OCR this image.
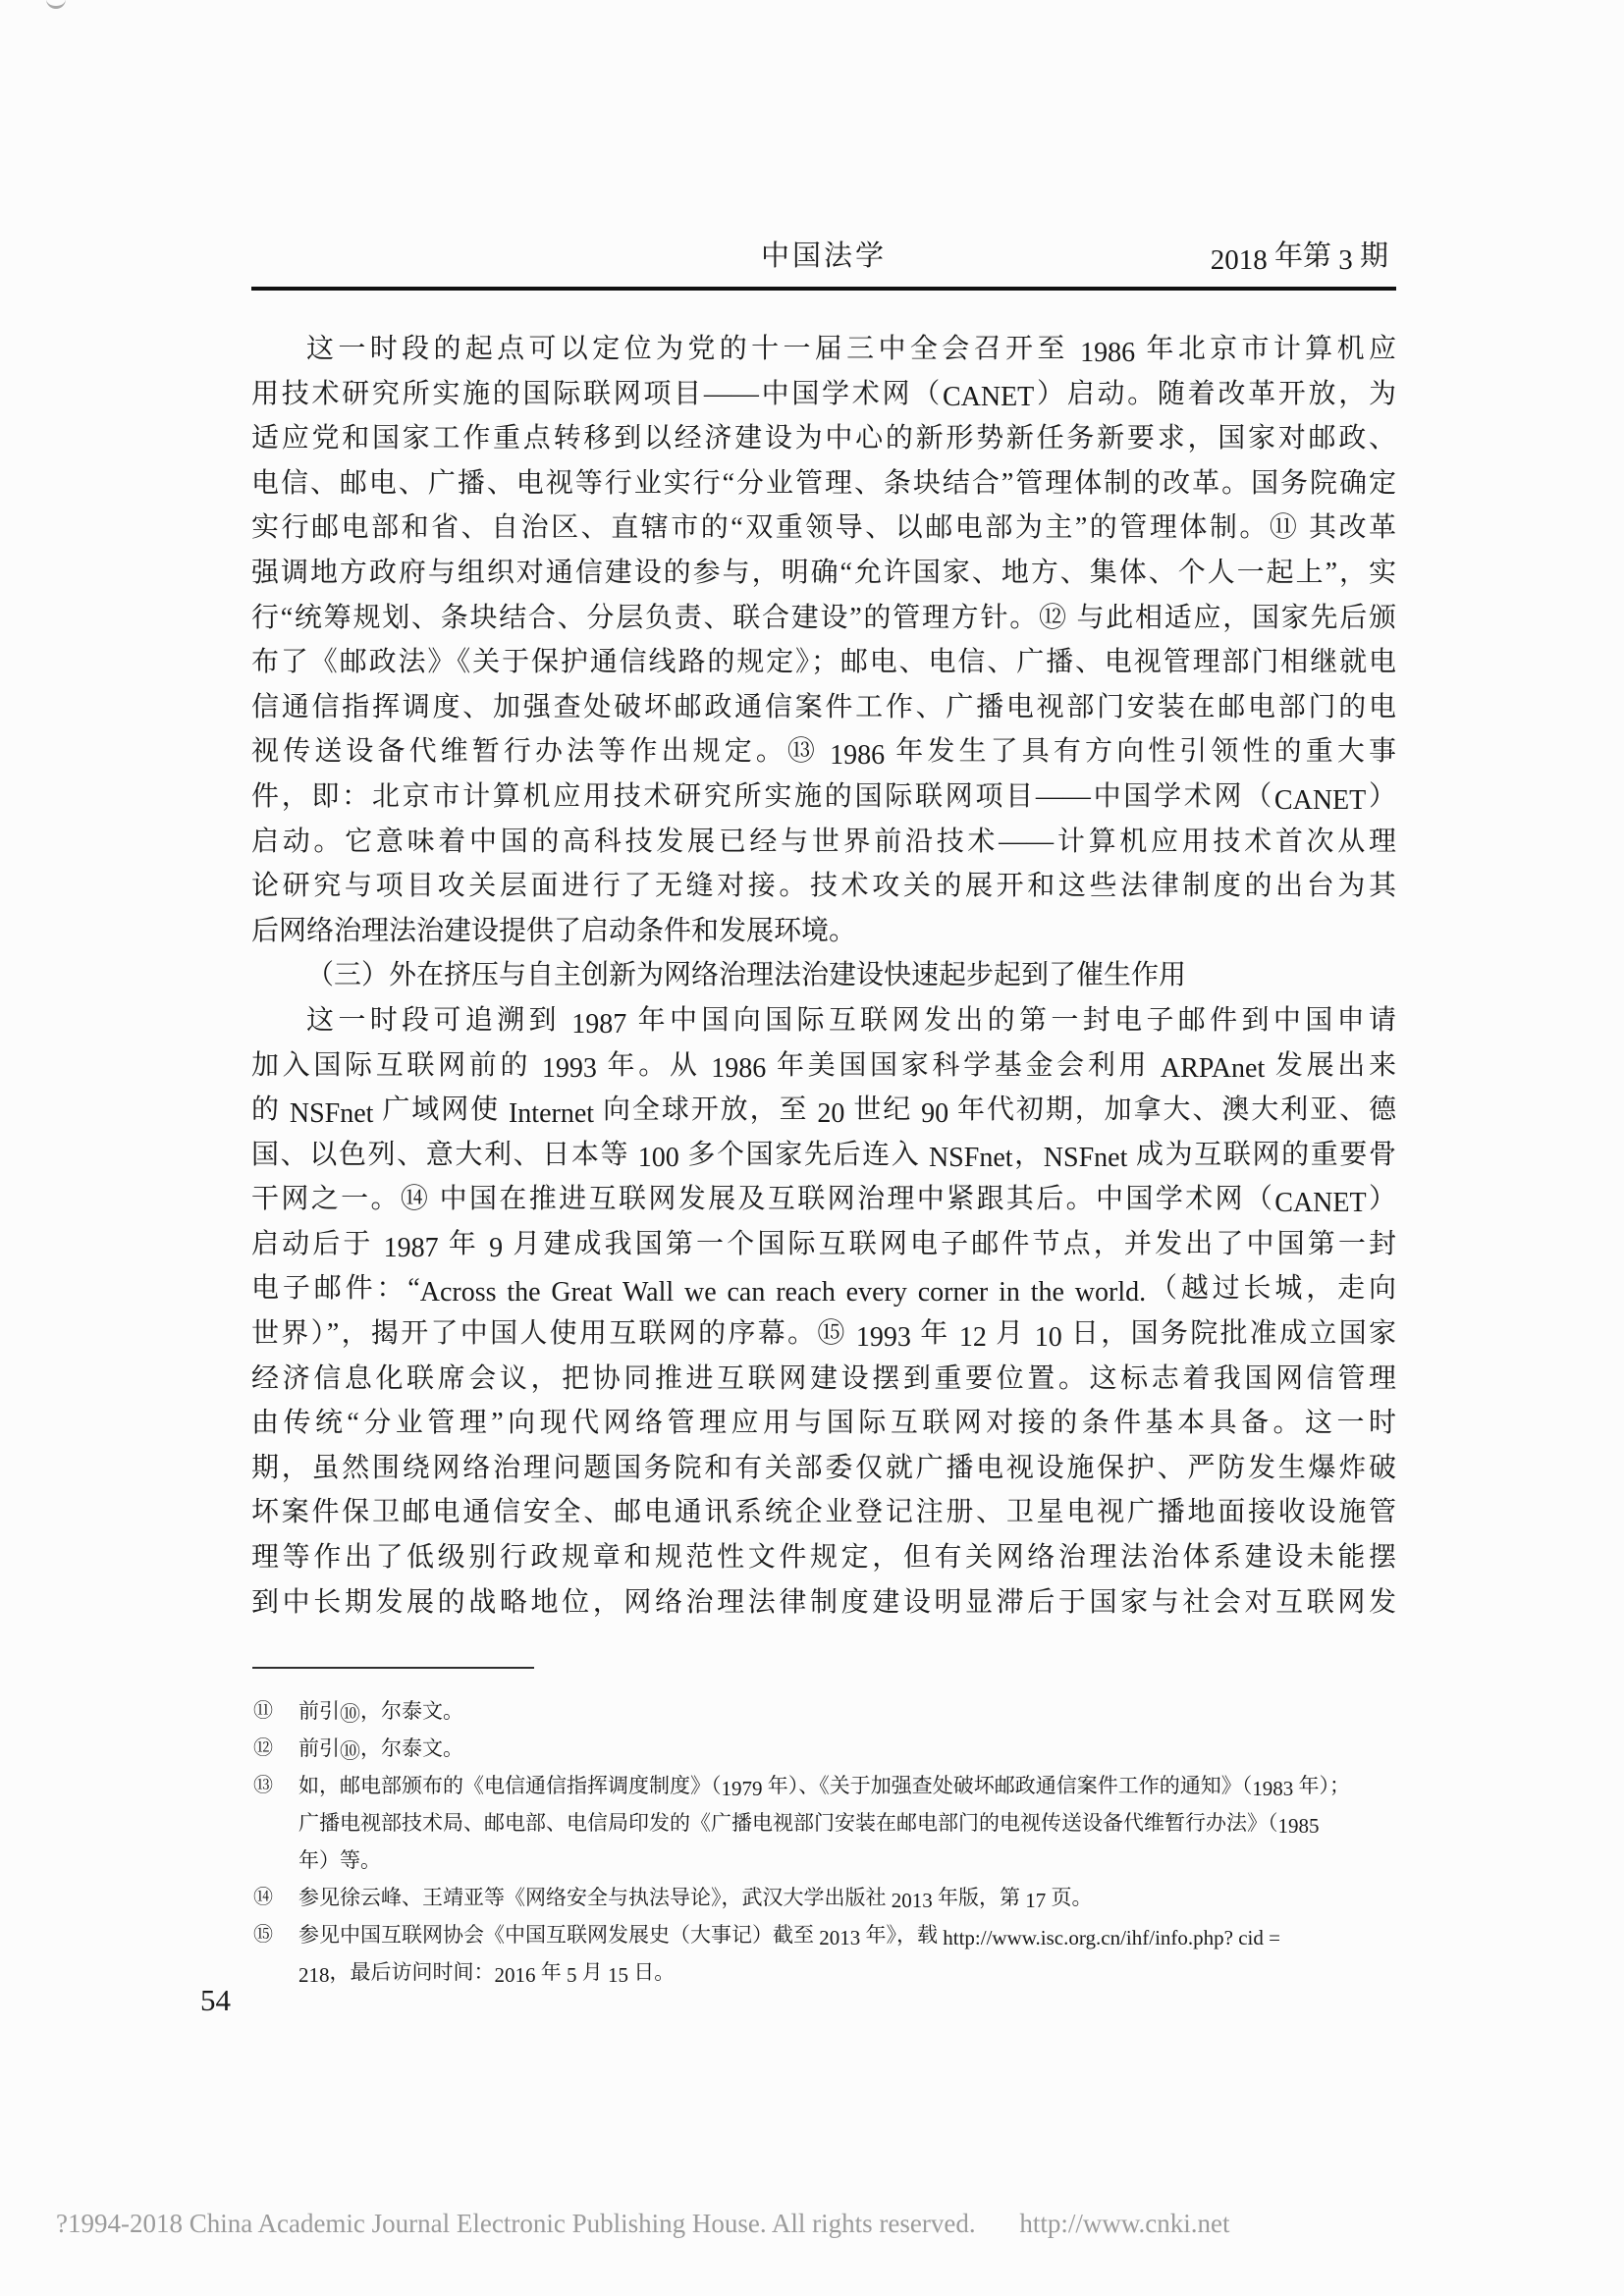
中国法学	2018 年第 3 期
这一时段的起点可以定位为党的十一届三中全会召开至 1986 年北京市计算机应
用技术研究所实施的国际联网项目——中国学术网（CANET）启动。随着改革开放，为
适应党和国家工作重点转移到以经济建设为中心的新形势新任务新要求，国家对邮政、
电信、邮电、广播、电视等行业实行“分业管理、条块结合”管理体制的改革。国务院确定
实行邮电部和省、自治区、直辖市的“双重领导、以邮电部为主”的管理体制。⑪ 其改革
强调地方政府与组织对通信建设的参与，明确“允许国家、地方、集体、个人一起上”，实
行“统筹规划、条块结合、分层负责、联合建设”的管理方针。⑫ 与此相适应，国家先后颁
布了《邮政法》《关于保护通信线路的规定》；邮电、电信、广播、电视管理部门相继就电
信通信指挥调度、加强查处破坏邮政通信案件工作、广播电视部门安装在邮电部门的电
视传送设备代维暂行办法等作出规定。⑬ 1986 年发生了具有方向性引领性的重大事
件，即：北京市计算机应用技术研究所实施的国际联网项目——中国学术网（CANET）
启动。它意味着中国的高科技发展已经与世界前沿技术——计算机应用技术首次从理
论研究与项目攻关层面进行了无缝对接。技术攻关的展开和这些法律制度的出台为其
后网络治理法治建设提供了启动条件和发展环境。
（三）外在挤压与自主创新为网络治理法治建设快速起步起到了催生作用
这一时段可追溯到 1987 年中国向国际互联网发出的第一封电子邮件到中国申请
加入国际互联网前的 1993 年。从 1986 年美国国家科学基金会利用 ARPAnet 发展出来
的 NSFnet 广域网使 Internet 向全球开放，至 20 世纪 90 年代初期，加拿大、澳大利亚、德
国、以色列、意大利、日本等 100 多个国家先后连入 NSFnet，NSFnet 成为互联网的重要骨
干网之一。⑭ 中国在推进互联网发展及互联网治理中紧跟其后。中国学术网（CANET）
启动后于 1987 年 9 月建成我国第一个国际互联网电子邮件节点，并发出了中国第一封
电子邮件：“Across the Great Wall we can reach every corner in the world.（越过长城，走向
世界）”，揭开了中国人使用互联网的序幕。⑮ 1993 年 12 月 10 日，国务院批准成立国家
经济信息化联席会议，把协同推进互联网建设摆到重要位置。这标志着我国网信管理
由传统“分业管理”向现代网络管理应用与国际互联网对接的条件基本具备。这一时
期，虽然围绕网络治理问题国务院和有关部委仅就广播电视设施保护、严防发生爆炸破
坏案件保卫邮电通信安全、邮电通讯系统企业登记注册、卫星电视广播地面接收设施管
理等作出了低级别行政规章和规范性文件规定，但有关网络治理法治体系建设未能摆
到中长期发展的战略地位，网络治理法律制度建设明显滞后于国家与社会对互联网发
⑪ 前引⑩，尔泰文。
⑫ 前引⑩，尔泰文。
⑬ 如，邮电部颁布的《电信通信指挥调度制度》（1979 年）、《关于加强查处破坏邮政通信案件工作的通知》（1983 年）；
广播电视部技术局、邮电部、电信局印发的《广播电视部门安装在邮电部门的电视传送设备代维暂行办法》（1985
年）等。
⑭ 参见徐云峰、王靖亚等《网络安全与执法导论》，武汉大学出版社 2013 年版，第 17 页。
⑮ 参见中国互联网协会《中国互联网发展史（大事记）截至 2013 年》，载 http://www.isc.org.cn/ihf/info.php? cid =
218，最后访问时间：2016 年 5 月 15 日。
54
?1994-2018 China Academic Journal Electronic Publishing House. All rights reserved. http://www.cnki.net
